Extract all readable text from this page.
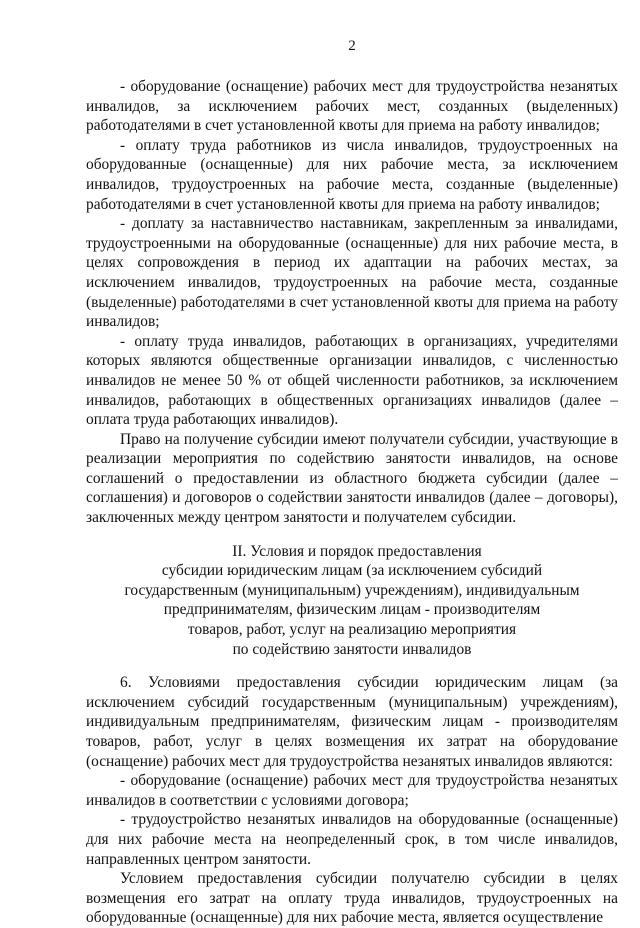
2

- оборудование (оснащение) рабочих мест для трудоустройства незанятых инвалидов, за исключением рабочих мест, созданных (выделенных) работодателями в счет установленной квоты для приема на работу инвалидов;

- оплату труда работников из числа инвалидов, трудоустроенных на оборудованные (оснащенные) для них рабочие места, за исключением инвалидов, трудоустроенных на рабочие места, созданные (выделенные) работодателями в счет установленной квоты для приема на работу инвалидов;

- доплату за наставничество наставникам, закрепленным за инвалидами, трудоустроенными на оборудованные (оснащенные) для них рабочие места, в целях сопровождения в период их адаптации на рабочих местах, за исключением инвалидов, трудоустроенных на рабочие места, созданные (выделенные) работодателями в счет установленной квоты для приема на работу инвалидов;

- оплату труда инвалидов, работающих в организациях, учредителями которых являются общественные организации инвалидов, с численностью инвалидов не менее 50 % от общей численности работников, за исключением инвалидов, работающих в общественных организациях инвалидов (далее – оплата труда работающих инвалидов).

Право на получение субсидии имеют получатели субсидии, участвующие в реализации мероприятия по содействию занятости инвалидов, на основе соглашений о предоставлении из областного бюджета субсидии (далее – соглашения) и договоров о содействии занятости инвалидов (далее – договоры), заключенных между центром занятости и получателем субсидии.

II. Условия и порядок предоставления
субсидии юридическим лицам (за исключением субсидий
государственным (муниципальным) учреждениям), индивидуальным
предпринимателям, физическим лицам - производителям
товаров, работ, услуг на реализацию мероприятия
по содействию занятости инвалидов

6. Условиями предоставления субсидии юридическим лицам (за исключением субсидий государственным (муниципальным) учреждениям), индивидуальным предпринимателям, физическим лицам - производителям товаров, работ, услуг в целях возмещения их затрат на оборудование (оснащение) рабочих мест для трудоустройства незанятых инвалидов являются:

- оборудование (оснащение) рабочих мест для трудоустройства незанятых инвалидов в соответствии с условиями договора;

- трудоустройство незанятых инвалидов на оборудованные (оснащенные) для них рабочие места на неопределенный срок, в том числе инвалидов, направленных центром занятости.

Условием предоставления субсидии получателю субсидии в целях возмещения его затрат на оплату труда инвалидов, трудоустроенных на оборудованные (оснащенные) для них рабочие места, является осуществление
